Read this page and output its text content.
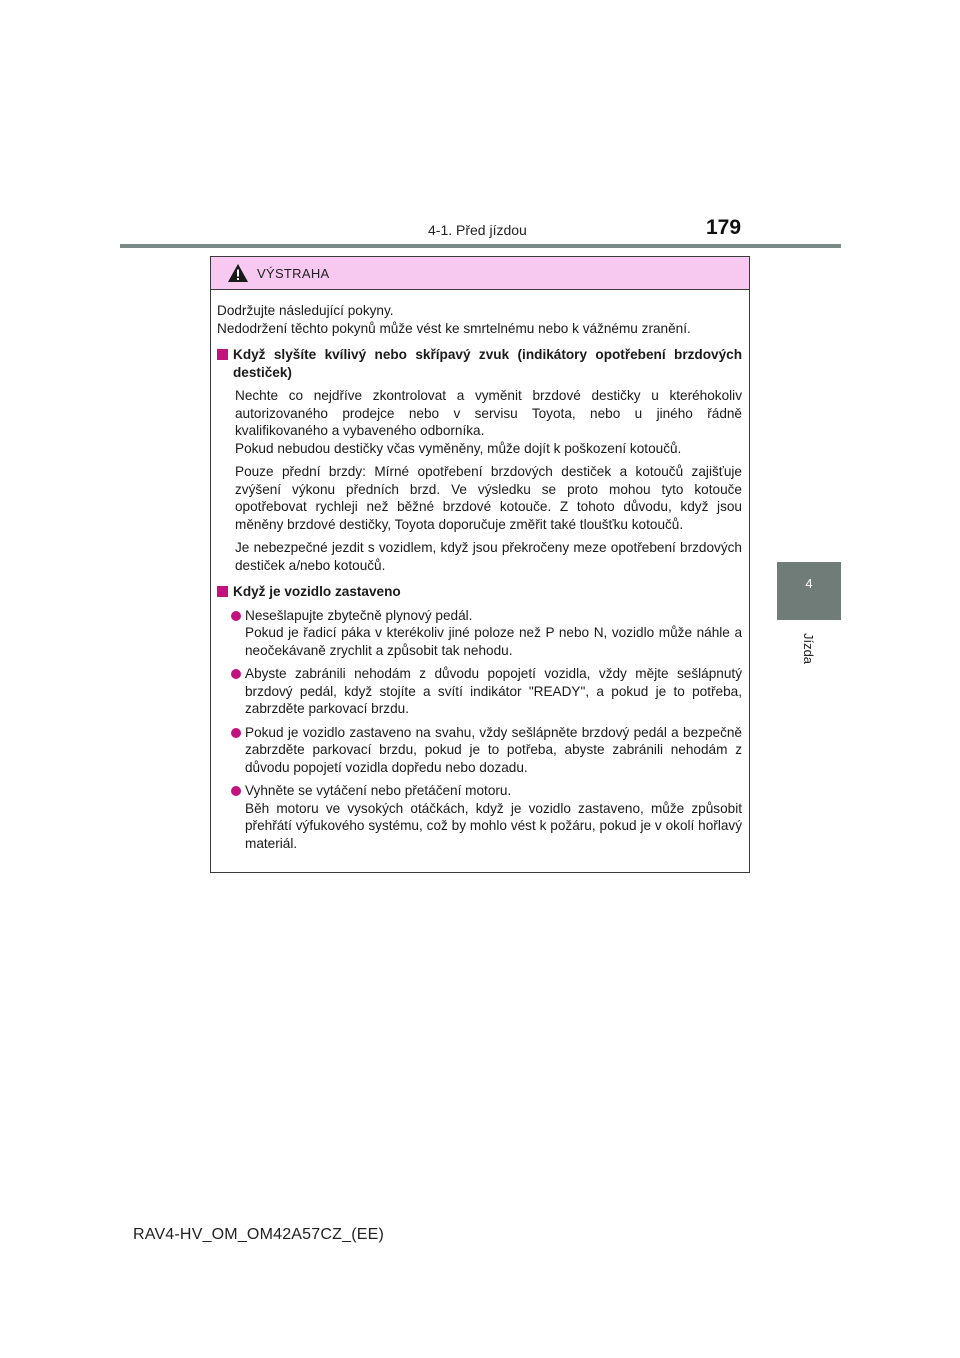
4-1. Před jízdou	179
4
Jízda
VÝSTRAHA

Dodržujte následující pokyny.

Nedodržení těchto pokynů může vést ke smrtelnému nebo k vážnému zranění.

Když slyšíte kvílivý nebo skřípavý zvuk (indikátory opotřebení brzdových destiček)

Nechte co nejdříve zkontrolovat a vyměnit brzdové destičky u kteréhokoliv autorizovaného prodejce nebo v servisu Toyota, nebo u jiného řádně kvalifikovaného a vybaveného odborníka.

Pokud nebudou destičky včas vyměněny, může dojít k poškození kotoučů.

Pouze přední brzdy: Mírné opotřebení brzdových destiček a kotoučů zajišťuje zvýšení výkonu předních brzd. Ve výsledku se proto mohou tyto kotouče opotřebovat rychleji než běžné brzdové kotouče. Z tohoto důvodu, když jsou měněny brzdové destičky, Toyota doporučuje změřit také tloušťku kotoučů.

Je nebezpečné jezdit s vozidlem, když jsou překročeny meze opotřebení brzdových destiček a/nebo kotoučů.

Když je vozidlo zastaveno

Nesešlapujte zbytečně plynový pedál.

Pokud je řadicí páka v kterékoliv jiné poloze než P nebo N, vozidlo může náhle a neočekávaně zrychlit a způsobit tak nehodu.

Abyste zabránili nehodám z důvodu popojetí vozidla, vždy mějte sešlápnutý brzdový pedál, když stojíte a svítí indikátor "READY", a pokud je to potřeba, zabrzděte parkovací brzdu.

Pokud je vozidlo zastaveno na svahu, vždy sešlápněte brzdový pedál a bezpečně zabrzděte parkovací brzdu, pokud je to potřeba, abyste zabránili nehodám z důvodu popojetí vozidla dopředu nebo dozadu.

Vyhněte se vytáčení nebo přetáčení motoru.

Běh motoru ve vysokých otáčkách, když je vozidlo zastaveno, může způsobit přehřátí výfukového systému, což by mohlo vést k požáru, pokud je v okolí hořlavý materiál.

RAV4-HV_OM_OM42A57CZ_(EE)
